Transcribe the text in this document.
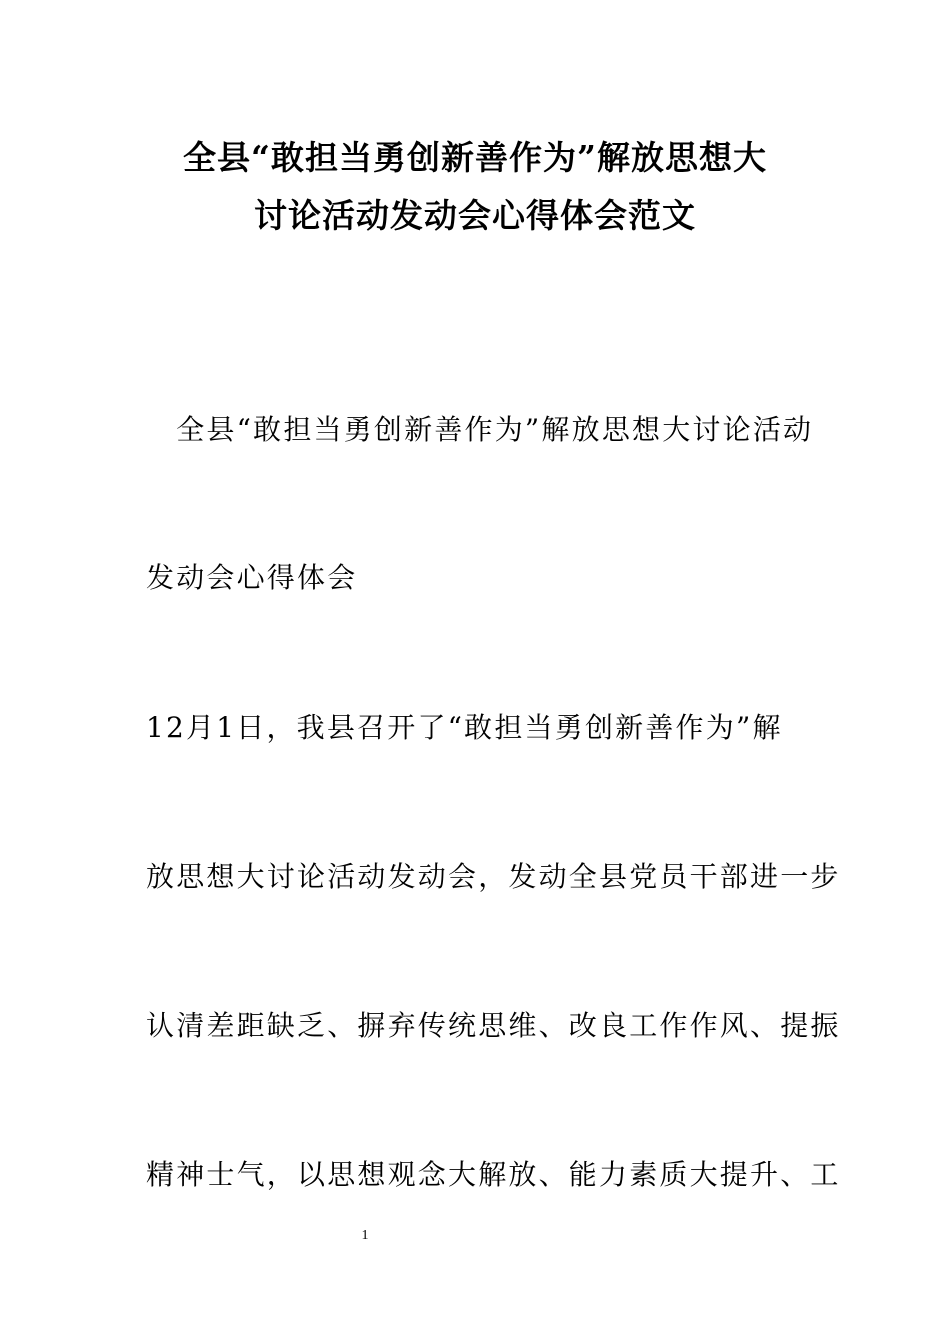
全县“敢担当勇创新善作为”解放思想大
讨论活动发动会心得体会范文
　全县“敢担当勇创新善作为”解放思想大讨论活动
发动会心得体会
12月1日，我县召开了“敢担当勇创新善作为”解
放思想大讨论活动发动会，发动全县党员干部进一步
认清差距缺乏、摒弃传统思维、改良工作作风、提振
精神士气，以思想观念大解放、能力素质大提升、工
1
